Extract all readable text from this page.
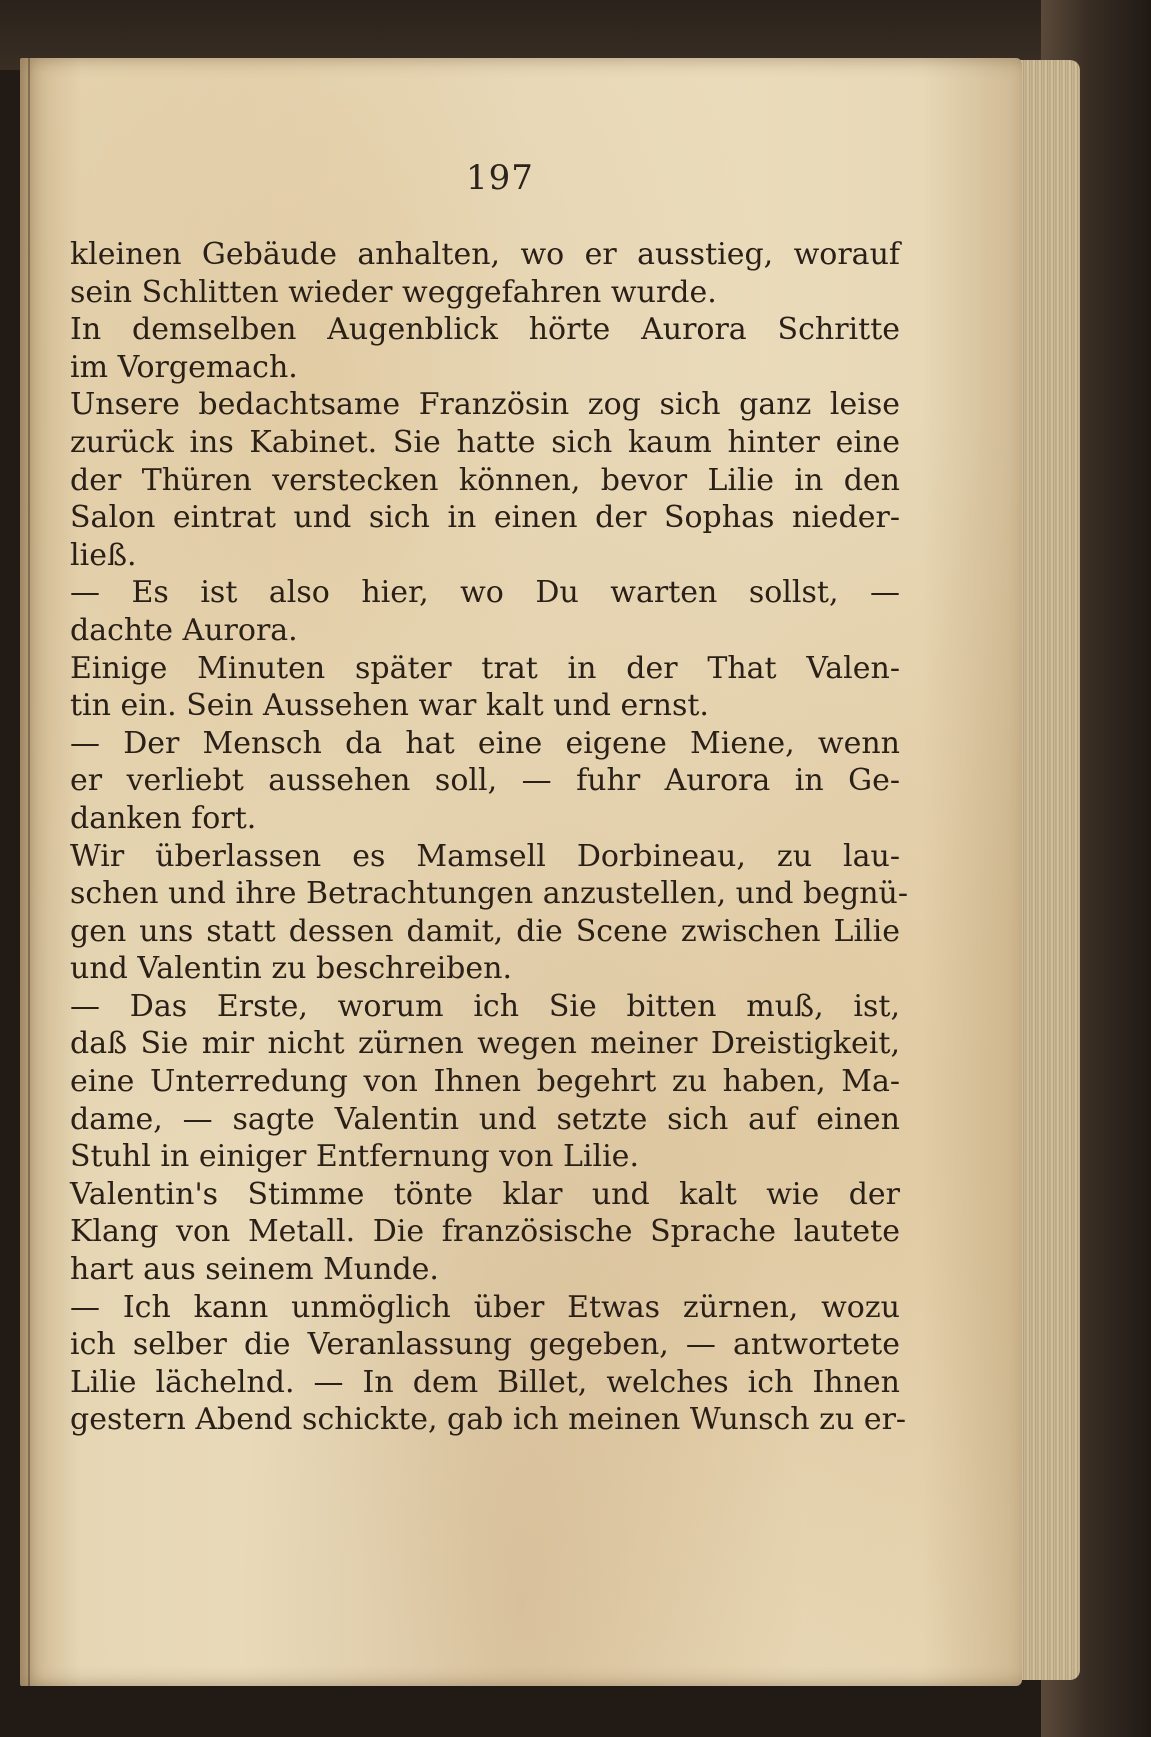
197
kleinen Gebäude anhalten, wo er ausstieg, worauf
sein Schlitten wieder weggefahren wurde.
In demselben Augenblick hörte Aurora Schritte
im Vorgemach.
Unsere bedachtsame Französin zog sich ganz leise
zurück ins Kabinet. Sie hatte sich kaum hinter eine
der Thüren verstecken können, bevor Lilie in den
Salon eintrat und sich in einen der Sophas nieder-
ließ.
— Es ist also hier, wo Du warten sollst, —
dachte Aurora.
Einige Minuten später trat in der That Valen-
tin ein. Sein Aussehen war kalt und ernst.
— Der Mensch da hat eine eigene Miene, wenn
er verliebt aussehen soll, — fuhr Aurora in Ge-
danken fort.
Wir überlassen es Mamsell Dorbineau, zu lau-
schen und ihre Betrachtungen anzustellen, und begnü-
gen uns statt dessen damit, die Scene zwischen Lilie
und Valentin zu beschreiben.
— Das Erste, worum ich Sie bitten muß, ist,
daß Sie mir nicht zürnen wegen meiner Dreistigkeit,
eine Unterredung von Ihnen begehrt zu haben, Ma-
dame, — sagte Valentin und setzte sich auf einen
Stuhl in einiger Entfernung von Lilie.
Valentin's Stimme tönte klar und kalt wie der
Klang von Metall. Die französische Sprache lautete
hart aus seinem Munde.
— Ich kann unmöglich über Etwas zürnen, wozu
ich selber die Veranlassung gegeben, — antwortete
Lilie lächelnd. — In dem Billet, welches ich Ihnen
gestern Abend schickte, gab ich meinen Wunsch zu er-
